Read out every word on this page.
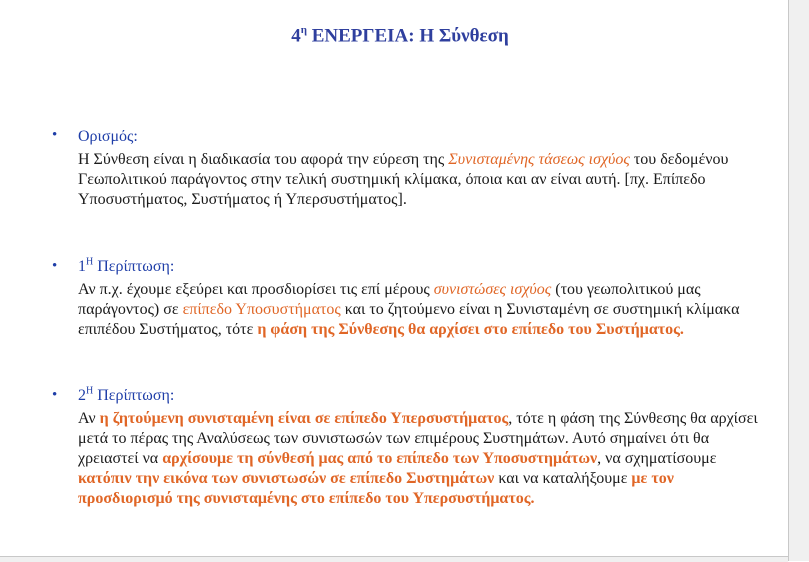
$4^\eta$ ΕΝΕΡΓΕΙΑ: Η Σύνθεση
• Ορισμός:
Η Σύνθεση είναι η διαδικασία του αφορά την εύρεση της Συνισταμένης τάσεως ισχύος του δεδομένου Γεωπολιτικού παράγοντος στην τελική συστημική κλίμακα, όποια και αν είναι αυτή. [πχ. Επίπεδο Υποσυστήματος, Συστήματος ή Υπερσυστήματος].
• $1^H$ Περίπτωση:
Αν π.χ. έχουμε εξεύρει και προσδιορίσει τις επί μέρους συνιστώσες ισχύος (του γεωπολιτικού μας παράγοντος) σε επίπεδο Υποσυστήματος και το ζητούμενο είναι η Συνισταμένη σε συστημική κλίμακα επιπέδου Συστήματος, τότε η φάση της Σύνθεσης θα αρχίσει στο επίπεδο του Συστήματος.
• $2^H$ Περίπτωση:
Αν η ζητούμενη συνισταμένη είναι σε επίπεδο Υπερσυστήματος, τότε η φάση της Σύνθεσης θα αρχίσει μετά το πέρας της Αναλύσεως των συνιστωσών των επιμέρους Συστημάτων. Αυτό σημαίνει ότι θα χρειαστεί να αρχίσουμε τη σύνθεσή μας από το επίπεδο των Υποσυστημάτων, να σχηματίσουμε κατόπιν την εικόνα των συνιστωσών σε επίπεδο Συστημάτων και να καταλήξουμε με τον προσδιορισμό της συνισταμένης στο επίπεδο του Υπερσυστήματος.
